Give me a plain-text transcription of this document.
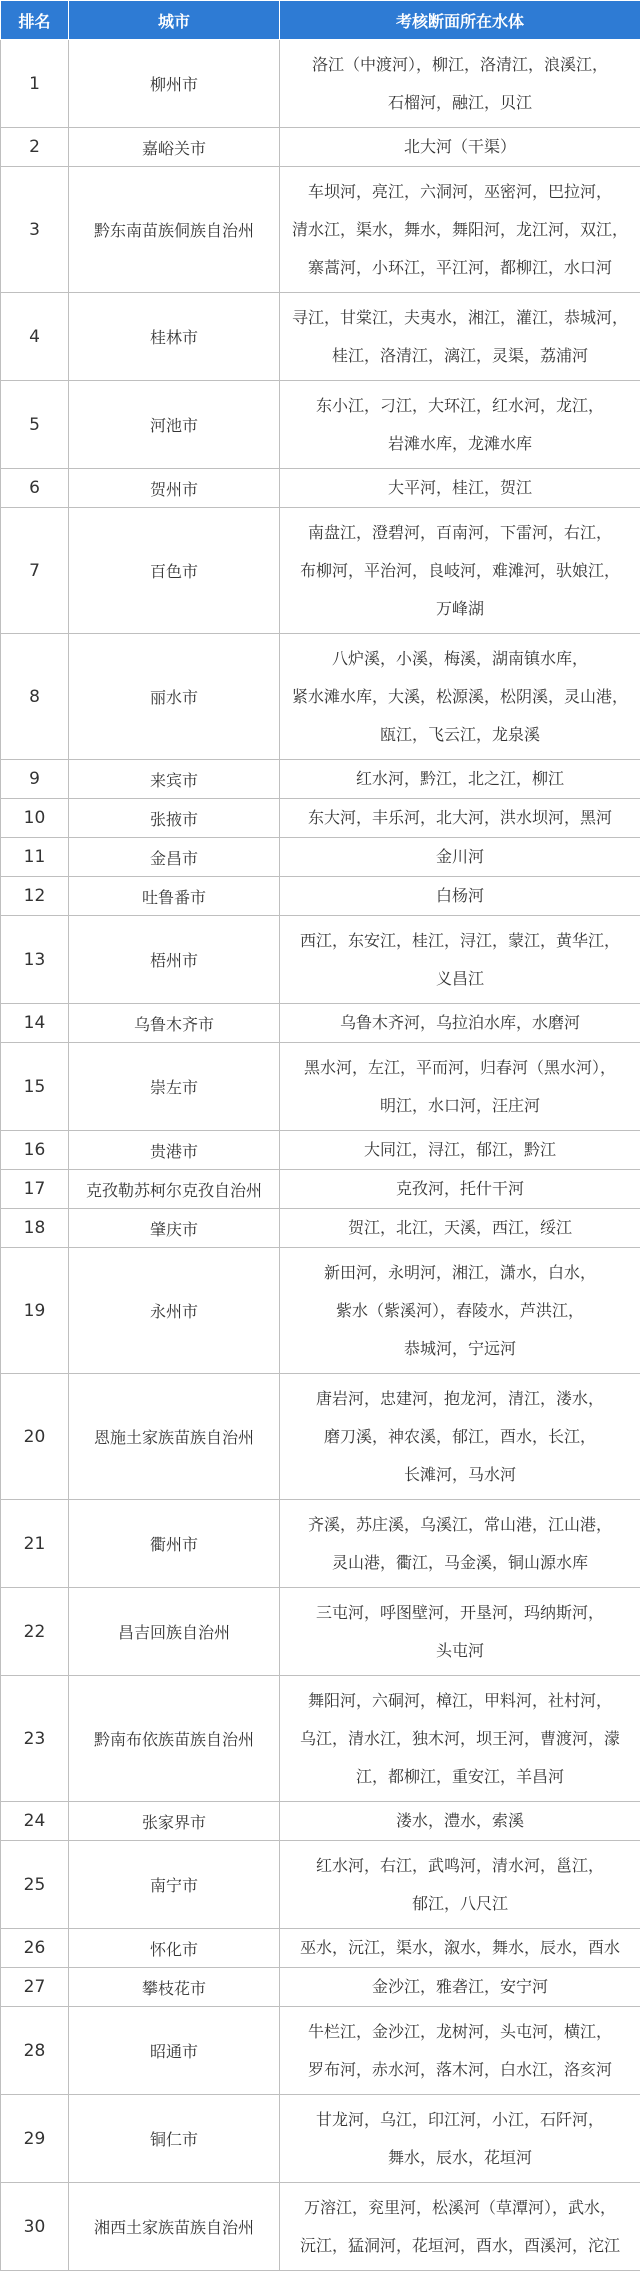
排名	城市	考核断面所在水体
1	柳州市	洛江（中渡河），柳江，洛清江，浪溪江，
石榴河，融江，贝江

2	嘉峪关市	北大河（干渠）

3	黔东南苗族侗族自治州	车坝河，亮江，六洞河，巫密河，巴拉河，
清水江，渠水，舞水，舞阳河，龙江河，双江，
寨蒿河，小环江，平江河，都柳江，水口河

4	桂林市	寻江，甘棠江，夫夷水，湘江，灌江，恭城河，
桂江，洛清江，漓江，灵渠，荔浦河

5	河池市	东小江，刁江，大环江，红水河，龙江，
岩滩水库，龙滩水库

6	贺州市	大平河，桂江，贺江

7	百色市	南盘江，澄碧河，百南河，下雷河，右江，
布柳河，平治河，良岐河，难滩河，驮娘江，
万峰湖

8	丽水市	八炉溪，小溪，梅溪，湖南镇水库，
紧水滩水库，大溪，松源溪，松阴溪，灵山港，
瓯江，飞云江，龙泉溪

9	来宾市	红水河，黔江，北之江，柳江

10	张掖市	东大河，丰乐河，北大河，洪水坝河，黑河

11	金昌市	金川河

12	吐鲁番市	白杨河

13	梧州市	西江，东安江，桂江，浔江，蒙江，黄华江，
义昌江

14	乌鲁木齐市	乌鲁木齐河，乌拉泊水库，水磨河

15	崇左市	黑水河，左江，平而河，归春河（黑水河），
明江，水口河，汪庄河

16	贵港市	大同江，浔江，郁江，黔江

17	克孜勒苏柯尔克孜自治州	克孜河，托什干河

18	肇庆市	贺江，北江，天溪，西江，绥江

19	永州市	新田河，永明河，湘江，潇水，白水，
紫水（紫溪河），舂陵水，芦洪江，
恭城河，宁远河

20	恩施土家族苗族自治州	唐岩河，忠建河，抱龙河，清江，溇水，
磨刀溪，神农溪，郁江，酉水，长江，
长滩河，马水河

21	衢州市	齐溪，苏庄溪，乌溪江，常山港，江山港，
灵山港，衢江，马金溪，铜山源水库

22	昌吉回族自治州	三屯河，呼图壁河，开垦河，玛纳斯河，
头屯河

23	黔南布依族苗族自治州	舞阳河，六硐河，樟江，甲料河，社村河，
乌江，清水江，独木河，坝王河，曹渡河，濛
江，都柳江，重安江，羊昌河

24	张家界市	溇水，澧水，索溪

25	南宁市	红水河，右江，武鸣河，清水河，邕江，
郁江，八尺江

26	怀化市	巫水，沅江，渠水，溆水，舞水，辰水，酉水

27	攀枝花市	金沙江，雅砻江，安宁河

28	昭通市	牛栏江，金沙江，龙树河，头屯河，横江，
罗布河，赤水河，落木河，白水江，洛亥河

29	铜仁市	甘龙河，乌江，印江河，小江，石阡河，
舞水，辰水，花垣河

30	湘西土家族苗族自治州	万溶江，兖里河，松溪河（草潭河），武水，
沅江，猛洞河，花垣河，酉水，酉溪河，沱江
